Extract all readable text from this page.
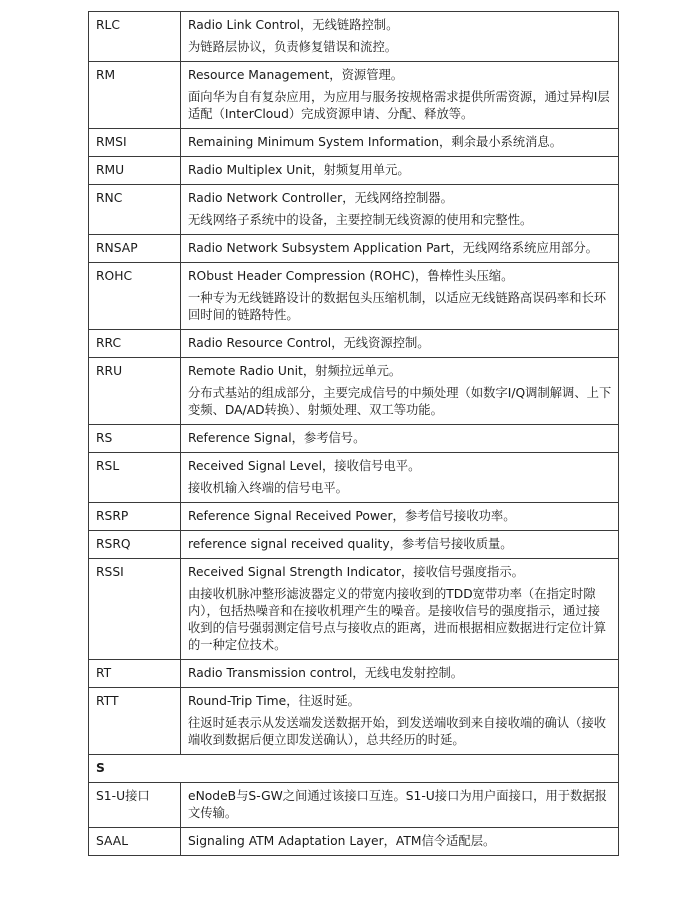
RLC	Radio Link Control，无线链路控制。

为链路层协议，负责修复错误和流控。

RM	Resource Management，资源管理。

面向华为自有复杂应用，为应用与服务按规格需求提供所需资源，通过异构I层适配（InterCloud）完成资源申请、分配、释放等。

RMSI	Remaining Minimum System Information，剩余最小系统消息。

RMU	Radio Multiplex Unit，射频复用单元。

RNC	Radio Network Controller，无线网络控制器。

无线网络子系统中的设备，主要控制无线资源的使用和完整性。

RNSAP	Radio Network Subsystem Application Part，无线网络系统应用部分。

ROHC	RObust Header Compression (ROHC)，鲁棒性头压缩。

一种专为无线链路设计的数据包头压缩机制，以适应无线链路高误码率和长环回时间的链路特性。

RRC	Radio Resource Control，无线资源控制。

RRU	Remote Radio Unit，射频拉远单元。

分布式基站的组成部分，主要完成信号的中频处理（如数字I/Q调制解调、上下变频、DA/AD转换）、射频处理、双工等功能。

RS	Reference Signal，参考信号。

RSL	Received Signal Level，接收信号电平。

接收机输入终端的信号电平。

RSRP	Reference Signal Received Power，参考信号接收功率。

RSRQ	reference signal received quality，参考信号接收质量。

RSSI	Received Signal Strength Indicator，接收信号强度指示。

由接收机脉冲整形滤波器定义的带宽内接收到的TDD宽带功率（在指定时隙内），包括热噪音和在接收机理产生的噪音。是接收信号的强度指示，通过接收到的信号强弱测定信号点与接收点的距离，进而根据相应数据进行定位计算的一种定位技术。

RT	Radio Transmission control，无线电发射控制。

RTT	Round-Trip Time，往返时延。

往返时延表示从发送端发送数据开始，到发送端收到来自接收端的确认（接收端收到数据后便立即发送确认），总共经历的时延。

S	
S1-U接口	eNodeB与S-GW之间通过该接口互连。S1-U接口为用户面接口，用于数据报文传输。

SAAL	Signaling ATM Adaptation Layer，ATM信令适配层。
